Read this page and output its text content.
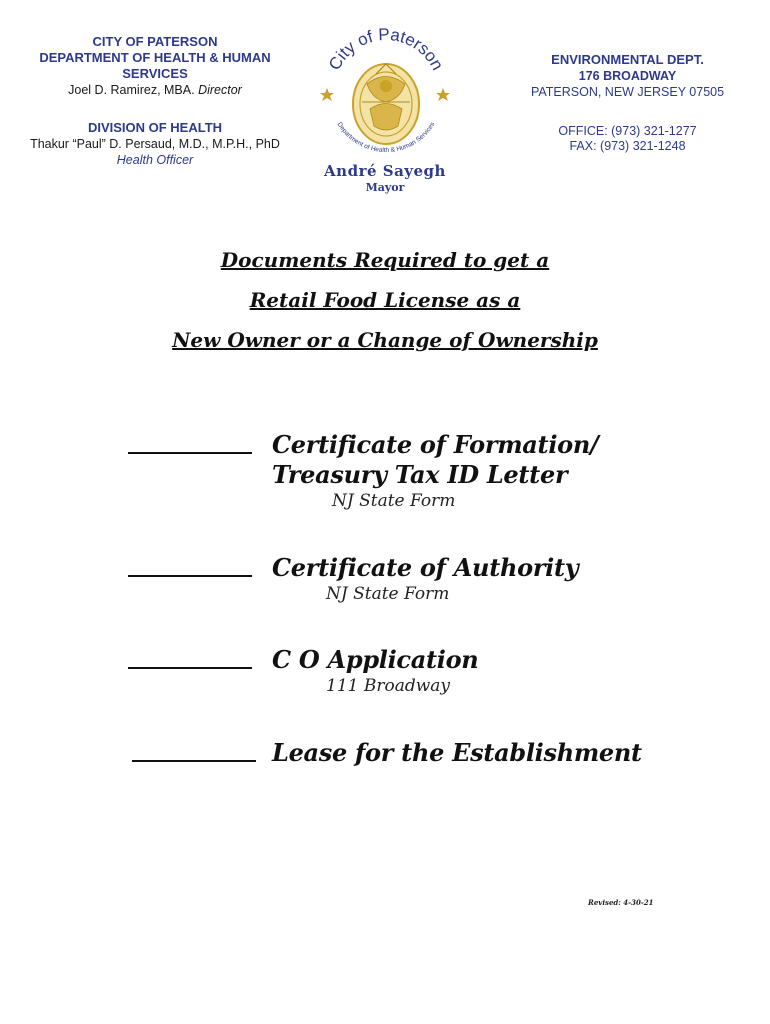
CITY OF PATERSON
DEPARTMENT OF HEALTH & HUMAN SERVICES
Joel D. Ramirez, MBA. Director
DIVISION OF HEALTH
Thakur “Paul” D. Persaud, M.D., M.P.H., PhD
Health Officer
City of Paterson
Department of Health & Human Services
André Sayegh
Mayor
ENVIRONMENTAL DEPT.
176 BROADWAY
PATERSON, NEW JERSEY 07505
OFFICE: (973) 321-1277
FAX: (973) 321-1248
Documents Required to get a
Retail Food License as a
New Owner or a Change of Ownership
Certificate of Formation/
Treasury Tax ID Letter
NJ State Form
Certificate of Authority
NJ State Form
C O Application
111 Broadway
Lease for the Establishment
Revised: 4-30-21
